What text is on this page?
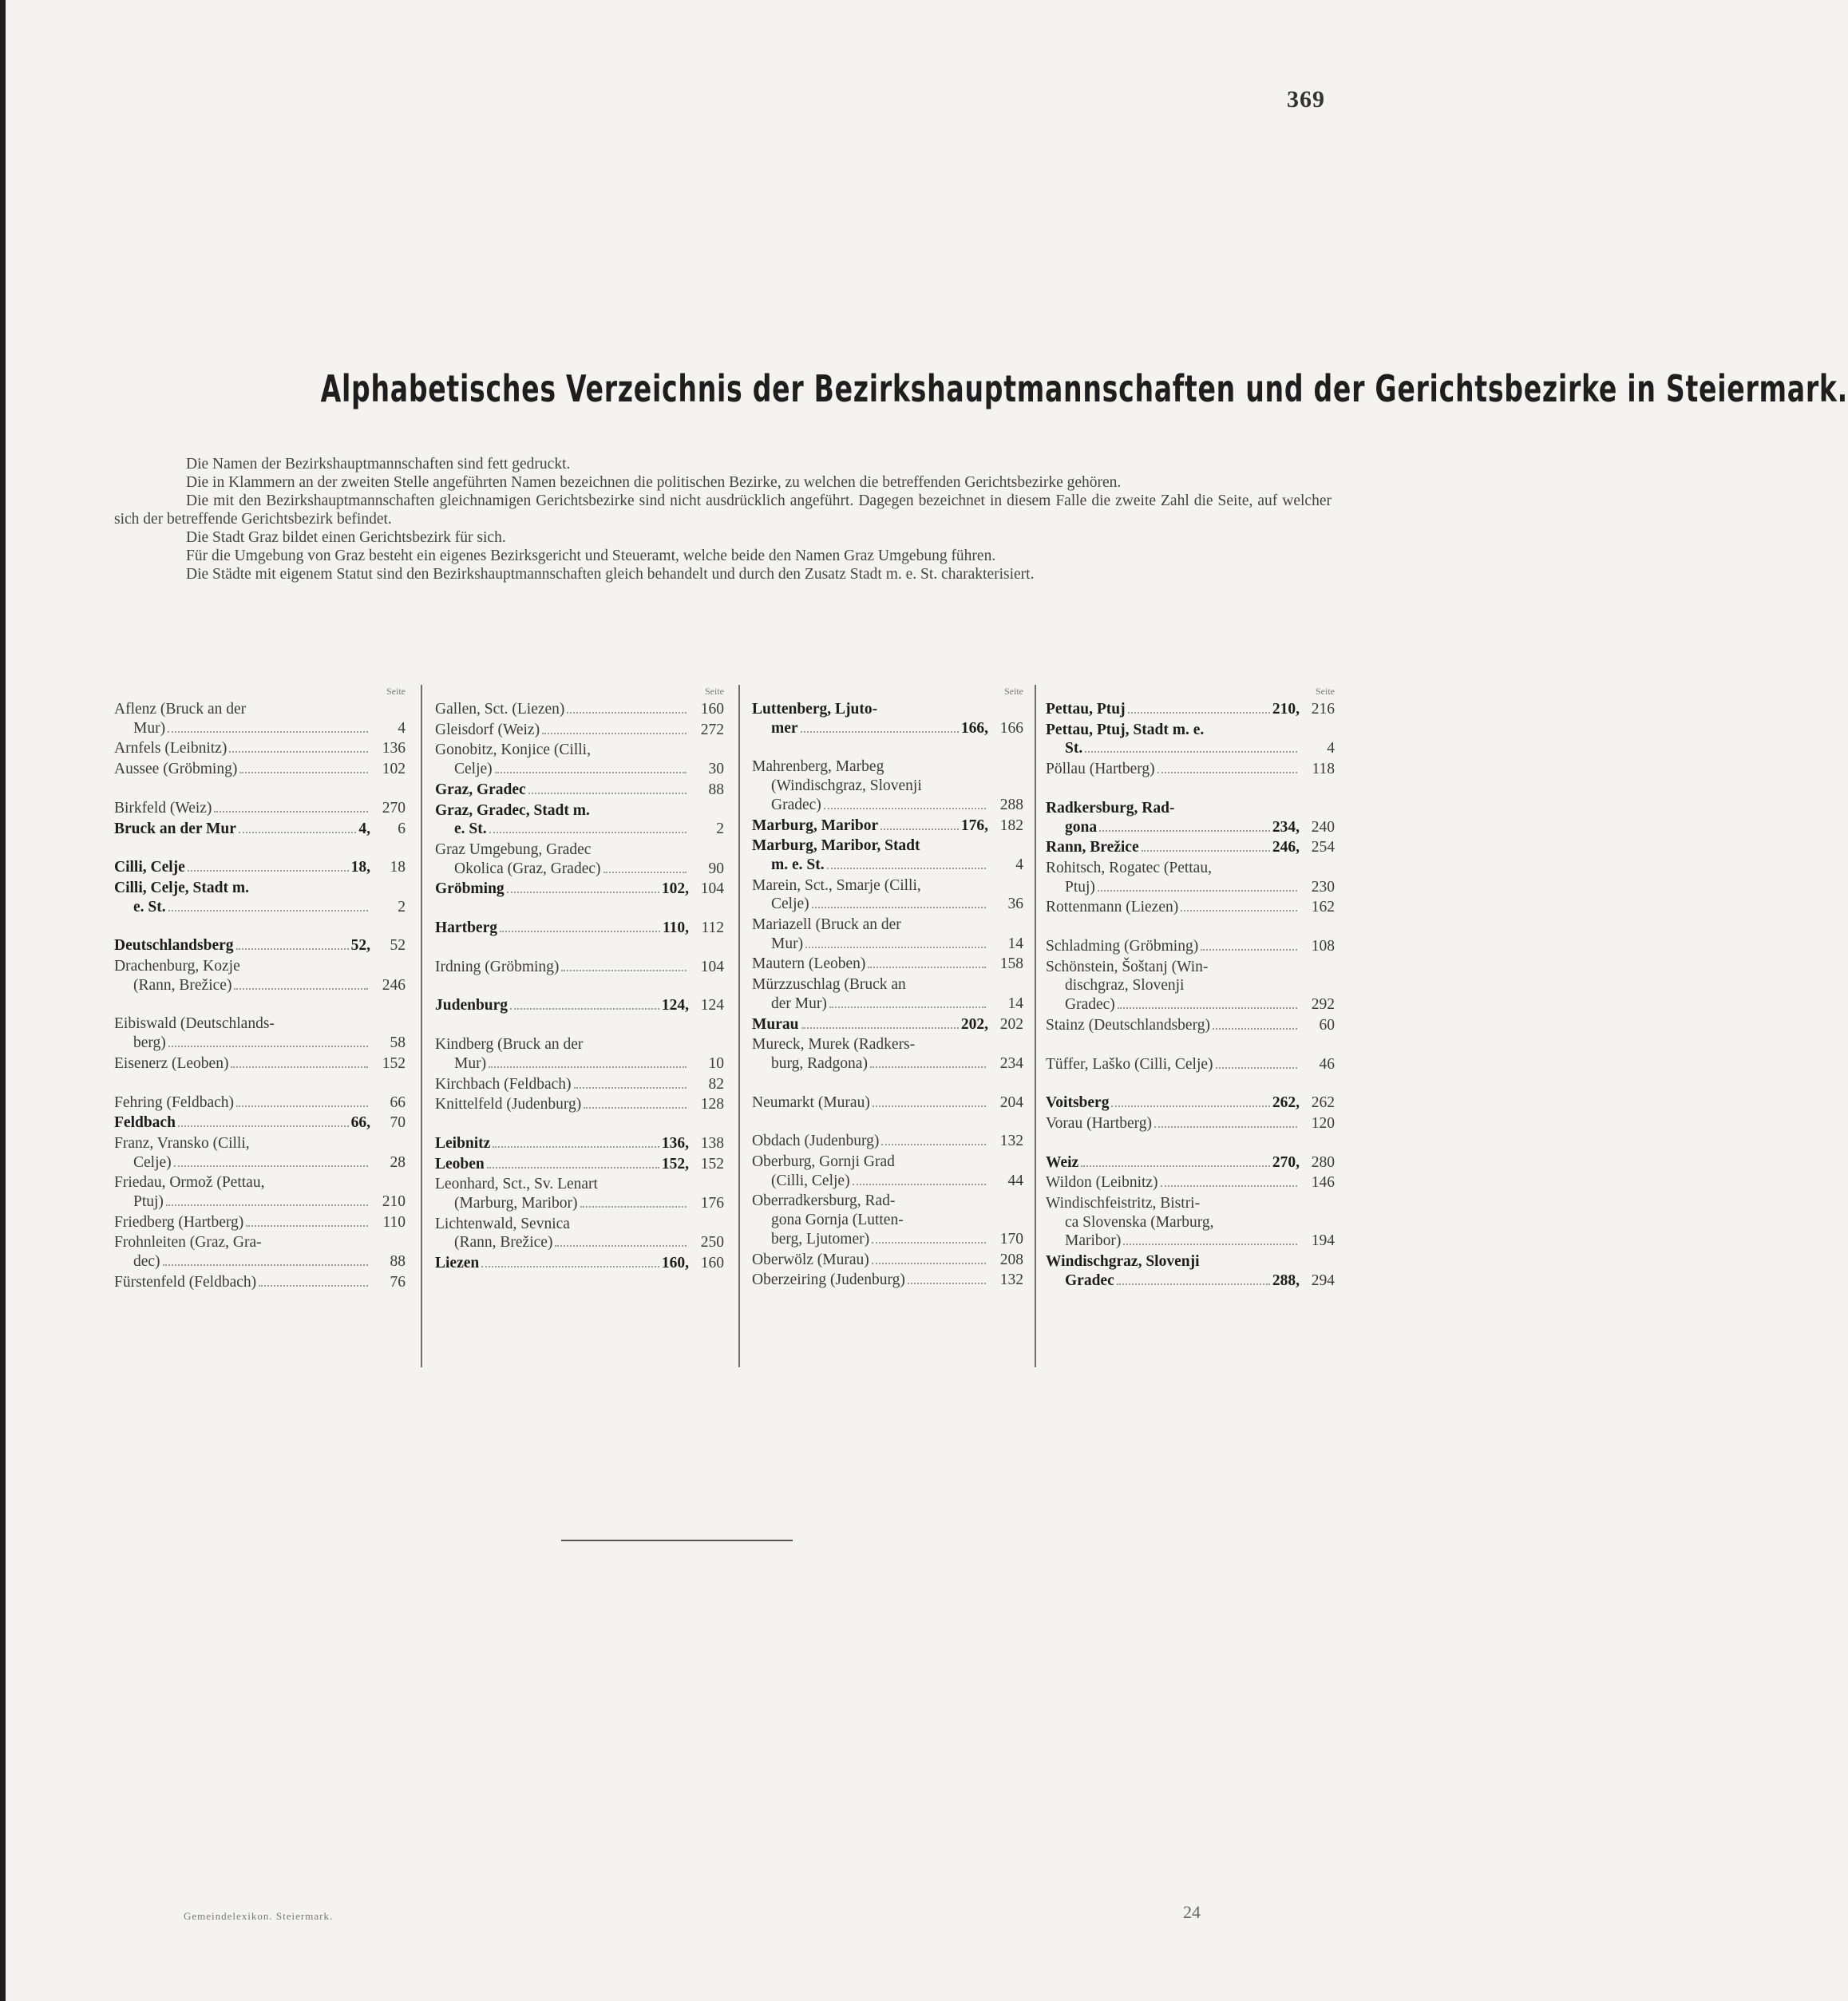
369
Alphabetisches Verzeichnis der Bezirkshauptmannschaften und der Gerichtsbezirke in Steiermark.

Die Namen der Bezirkshauptmannschaften sind fett gedruckt.

Die in Klammern an der zweiten Stelle angeführten Namen bezeichnen die politischen Bezirke, zu welchen die betreffenden Gerichtsbezirke gehören.

Die mit den Bezirkshauptmannschaften gleichnamigen Gerichtsbezirke sind nicht ausdrücklich angeführt. Dagegen bezeichnet in diesem Falle die zweite Zahl die Seite, auf welcher sich der betreffende Gerichtsbezirk befindet.

Die Stadt Graz bildet einen Gerichtsbezirk für sich.

Für die Umgebung von Graz besteht ein eigenes Bezirksgericht und Steueramt, welche beide den Namen Graz Umgebung führen.

Die Städte mit eigenem Statut sind den Bezirkshauptmannschaften gleich behandelt und durch den Zusatz Stadt m. e. St. charakterisiert.

Seite
Aflenz (Bruck an der
Mur)	4
Arnfels (Leibnitz)	136
Aussee (Gröbming)	102
Birkfeld (Weiz)	270
Bruck an der Mur	4,	6
Cilli, Celje	18,	18
Cilli, Celje, Stadt m.
e. St.	2
Deutschlandsberg	52,	52
Drachenburg, Kozje
(Rann, Brežice)	246
Eibiswald (Deutschlands-
berg)	58
Eisenerz (Leoben)	152
Fehring (Feldbach)	66
Feldbach	66,	70
Franz, Vransko (Cilli,
Celje)	28
Friedau, Ormož (Pettau,
Ptuj)	210
Friedberg (Hartberg)	110
Frohnleiten (Graz, Gra-
dec)	88
Fürstenfeld (Feldbach)	76
Seite
Gallen, Sct. (Liezen)	160
Gleisdorf (Weiz)	272
Gonobitz, Konjice (Cilli,
Celje)	30
Graz, Gradec	88
Graz, Gradec, Stadt m.
e. St.	2
Graz Umgebung, Gradec
Okolica (Graz, Gradec)	90
Gröbming	102, 104
Hartberg	110, 112
Irdning (Gröbming)	104
Judenburg	124, 124
Kindberg (Bruck an der
Mur)	10
Kirchbach (Feldbach)	82
Knittelfeld (Judenburg)	128
Leibnitz	136, 138
Leoben	152, 152
Leonhard, Sct., Sv. Lenart
(Marburg, Maribor)	176
Lichtenwald, Sevnica
(Rann, Brežice)	250
Liezen	160, 160
Seite
Luttenberg, Ljuto-
mer	166, 166
Mahrenberg, Marbeg
(Windischgraz, Slovenji
Gradec)	288
Marburg, Maribor	176, 182
Marburg, Maribor, Stadt
m. e. St.	4
Marein, Sct., Smarje (Cilli,
Celje)	36
Mariazell (Bruck an der
Mur)	14
Mautern (Leoben)	158
Mürzzuschlag (Bruck an
der Mur)	14
Murau	202, 202
Mureck, Murek (Radkers-
burg, Radgona)	234
Neumarkt (Murau)	204
Obdach (Judenburg)	132
Oberburg, Gornji Grad
(Cilli, Celje)	44
Oberradkersburg, Rad-
gona Gornja (Lutten-
berg, Ljutomer)	170
Oberwölz (Murau)	208
Oberzeiring (Judenburg)	132
Seite
Pettau, Ptuj	210, 216
Pettau, Ptuj, Stadt m. e.
St.	4
Pöllau (Hartberg)	118
Radkersburg, Rad-
gona	234, 240
Rann, Brežice	246, 254
Rohitsch, Rogatec (Pettau,
Ptuj)	230
Rottenmann (Liezen)	162
Schladming (Gröbming)	108
Schönstein, Šoštanj (Win-
dischgraz, Slovenji
Gradec)	292
Stainz (Deutschlandsberg)	60
Tüffer, Laško (Cilli, Celje)	46
Voitsberg	262, 262
Vorau (Hartberg)	120
Weiz	270, 280
Wildon (Leibnitz)	146
Windischfeistritz, Bistri-
ca Slovenska (Marburg,
Maribor)	194
Windischgraz, Slovenji
Gradec	288, 294
Gemeindelexikon. Steiermark.	24
